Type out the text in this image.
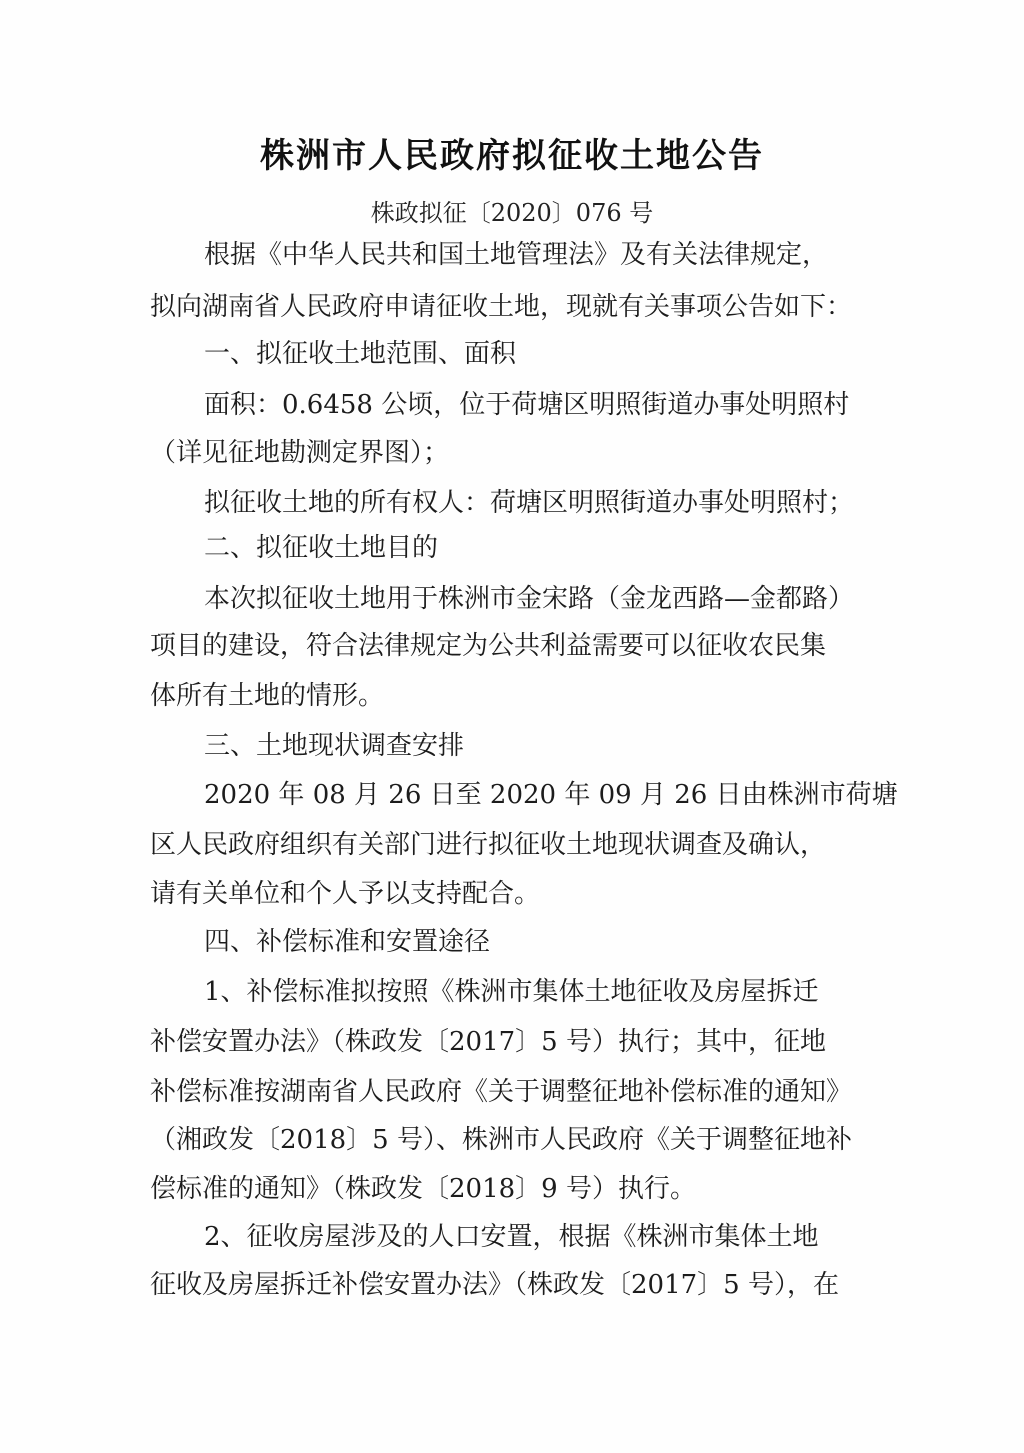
株洲市人民政府拟征收土地公告
株政拟征〔2020〕076 号
根据《中华人民共和国土地管理法》及有关法律规定，
拟向湖南省人民政府申请征收土地，现就有关事项公告如下：
一、拟征收土地范围、面积
面积：0.6458 公顷，位于荷塘区明照街道办事处明照村
（详见征地勘测定界图）；
拟征收土地的所有权人：荷塘区明照街道办事处明照村；
二、拟征收土地目的
本次拟征收土地用于株洲市金宋路（金龙西路—金都路）
项目的建设，符合法律规定为公共利益需要可以征收农民集
体所有土地的情形。
三、土地现状调查安排
2020 年 08 月 26 日至 2020 年 09 月 26 日由株洲市荷塘
区人民政府组织有关部门进行拟征收土地现状调查及确认，
请有关单位和个人予以支持配合。
四、补偿标准和安置途径
1、补偿标准拟按照《株洲市集体土地征收及房屋拆迁
补偿安置办法》（株政发〔2017〕5 号）执行；其中，征地
补偿标准按湖南省人民政府《关于调整征地补偿标准的通知》
（湘政发〔2018〕5 号）、株洲市人民政府《关于调整征地补
偿标准的通知》（株政发〔2018〕9 号）执行。
2、征收房屋涉及的人口安置，根据《株洲市集体土地
征收及房屋拆迁补偿安置办法》（株政发〔2017〕5 号），在
